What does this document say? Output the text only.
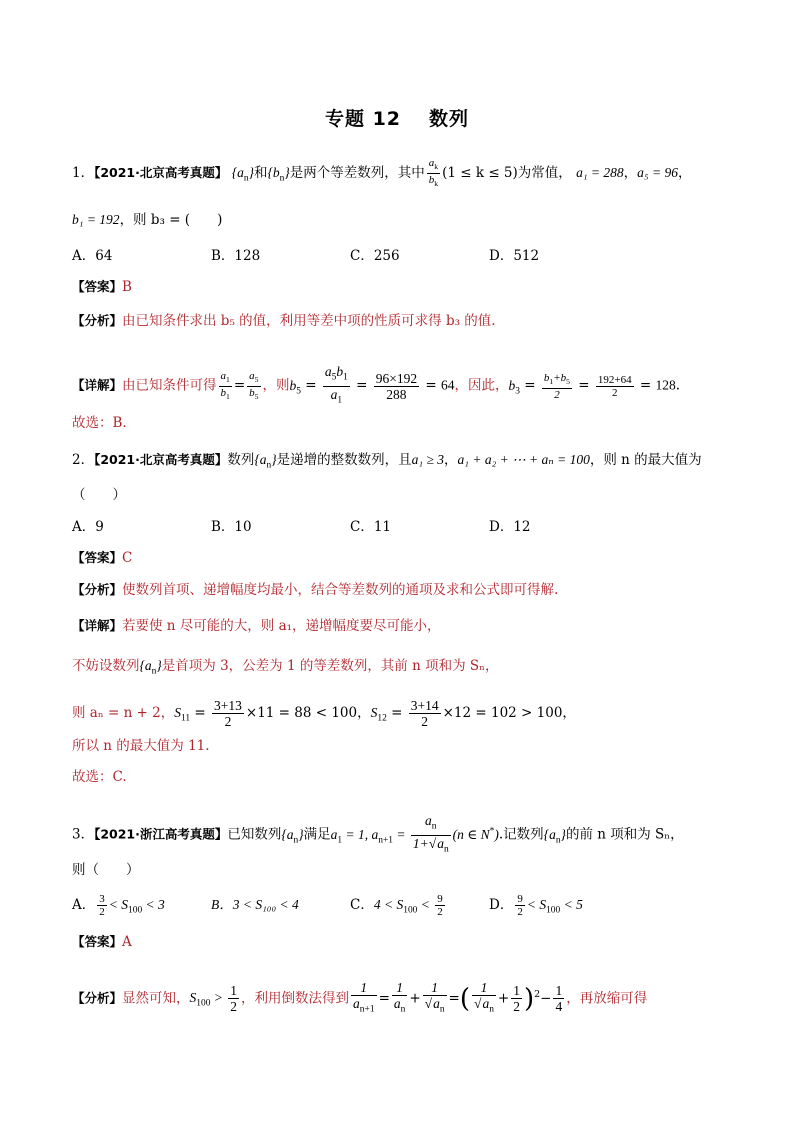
专题 12 数列
1．【2021·北京高考真题】 $\{a_n\}$和$\{b_n\}$是两个等差数列，其中 $\frac{a_k}{b_k} (1 \le k \le 5)$为常值， a₁ = 288，a₅ = 96，
b₁ = 192，则 b₃ = (　　)
A．64	B．128	C．256	D．512
【答案】B
【分析】由已知条件求出 b₅ 的值，利用等差中项的性质可求得 b₃ 的值.
【详解】由已知条件可得 $\frac{a_1}{b_1} = \frac{a_5}{b_5}$ ，则$b_5 = \frac{a_5b_1}{a_1} = \frac{96\times 192}{288} = 64$，因此，$b_3 = \frac{b_1+b_5}{2} = \frac{192+64}{2} = 128$.
故选：B.
2．【2021·北京高考真题】数列$\{a_n\}$是递增的整数数列，且a₁ ≥ 3，a₁ + a₂ + ⋯ + aₙ = 100，则 n 的最大值为
（　　）
A．9	B．10	C．11	D．12
【答案】C
【分析】使数列首项、递增幅度均最小，结合等差数列的通项及求和公式即可得解.
【详解】若要使 n 尽可能的大，则 a₁，递增幅度要尽可能小，
不妨设数列$\{a_n\}$是首项为 3，公差为 1 的等差数列，其前 n 项和为 Sₙ，
则 aₙ = n + 2，$S_{11} = \frac{3+13}{2} \times 11 = 88 < 100$，$S_{12} = \frac{3+14}{2} \times 12 = 102 > 100$，
所以 n 的最大值为 11.
故选：C.
3．【2021·浙江高考真题】已知数列$\{a_n\}$满足$a_1 = 1$, $a_{n+1} = \frac{a_n}{1+√a_n} (n$ ∈ N*).记数列$\{a_n\}$的前 n 项和为 Sₙ，
则（　　）
A． $\frac{3}{2} < S_{100} < 3$	B．3 < S₁₀₀ < 4	C．$4 < S_{100} < \frac{9}{2}$	D． $\frac{9}{2} < S_{100} < 5$
【答案】A
【分析】显然可知，$S_{100} > \frac{1}{2}$ ，利用倒数法得到 $\frac{1}{a_{n+1}} = \frac{1}{a_n} + \frac{1}{√a_n}$ =( $\frac{1}{√a_n} + \frac{1}{2} )^2- \frac{1}{4}$ ，再放缩可得
